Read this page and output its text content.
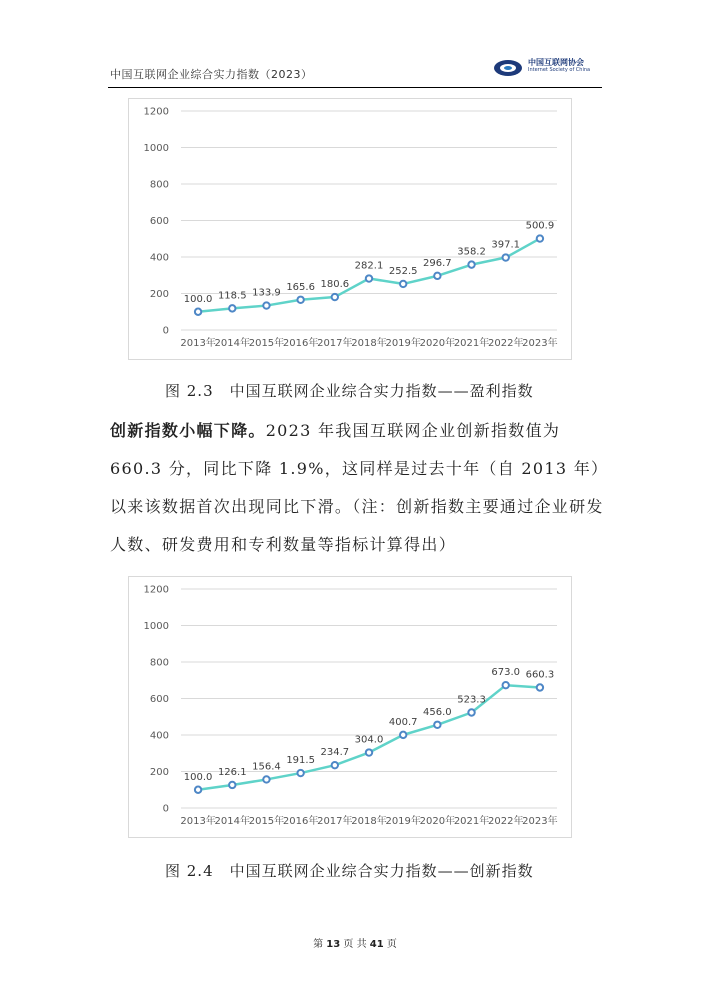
中国互联网企业综合实力指数（2023）
中国互联网协会
Internet Society of China
0
200
400
600
800
1000
1200
2013年
2014年
2015年
2016年
2017年
2018年
2019年
2020年
2021年
2022年
2023年
100.0 118.5 133.9
165.6 180.6
282.1 252.5
296.7
358.2
397.1
500.9
图 2.3　中国互联网企业综合实力指数——盈利指数
创新指数小幅下降。2023 年我国互联网企业创新指数值为 660.3 分，同比下降 1.9%，这同样是过去十年（自 2013 年）以来该数据首次出现同比下滑。（注：创新指数主要通过企业研发人数、研发费用和专利数量等指标计算得出）
0
200
400
600
800
1000
1200
2013年
2014年
2015年
2016年
2017年
2018年
2019年
2020年
2021年
2022年
2023年
100.0 126.1
156.4
191.5
234.7
304.0
400.7
456.0
523.3
673.0 660.3
图 2.4　中国互联网企业综合实力指数——创新指数
第 13 页 共 41 页
